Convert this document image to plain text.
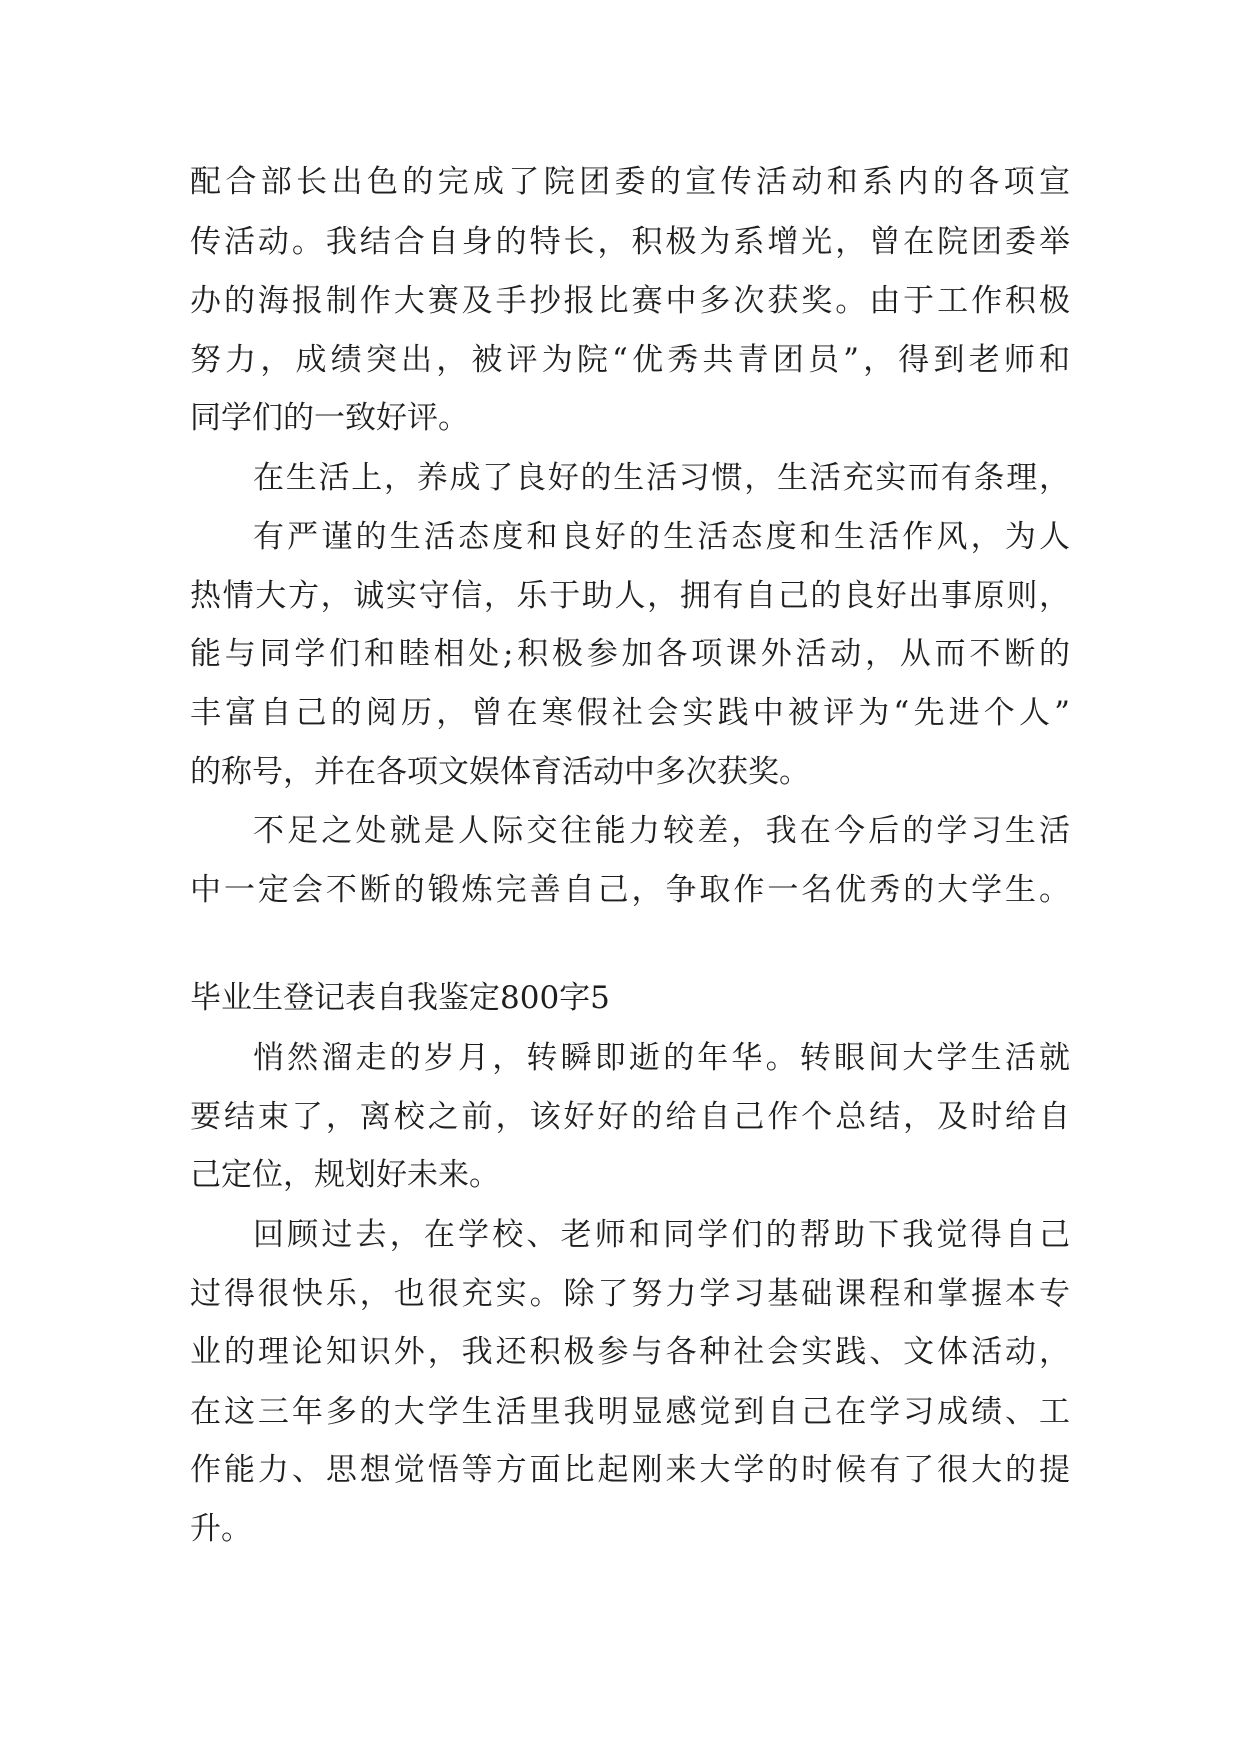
配合部长出色的完成了院团委的宣传活动和系内的各项宣
传活动。我结合自身的特长，积极为系增光，曾在院团委举
办的海报制作大赛及手抄报比赛中多次获奖。由于工作积极
努力，成绩突出，被评为院“优秀共青团员”，得到老师和
同学们的一致好评。
在生活上，养成了良好的生活习惯，生活充实而有条理，
有严谨的生活态度和良好的生活态度和生活作风，为人
热情大方，诚实守信，乐于助人，拥有自己的良好出事原则，
能与同学们和睦相处;积极参加各项课外活动，从而不断的
丰富自己的阅历，曾在寒假社会实践中被评为“先进个人”
的称号，并在各项文娱体育活动中多次获奖。
不足之处就是人际交往能力较差，我在今后的学习生活
中一定会不断的锻炼完善自己，争取作一名优秀的大学生。
毕业生登记表自我鉴定800字5
悄然溜走的岁月，转瞬即逝的年华。转眼间大学生活就
要结束了，离校之前，该好好的给自己作个总结，及时给自
己定位，规划好未来。
回顾过去，在学校、老师和同学们的帮助下我觉得自己
过得很快乐，也很充实。除了努力学习基础课程和掌握本专
业的理论知识外，我还积极参与各种社会实践、文体活动，
在这三年多的大学生活里我明显感觉到自己在学习成绩、工
作能力、思想觉悟等方面比起刚来大学的时候有了很大的提
升。
